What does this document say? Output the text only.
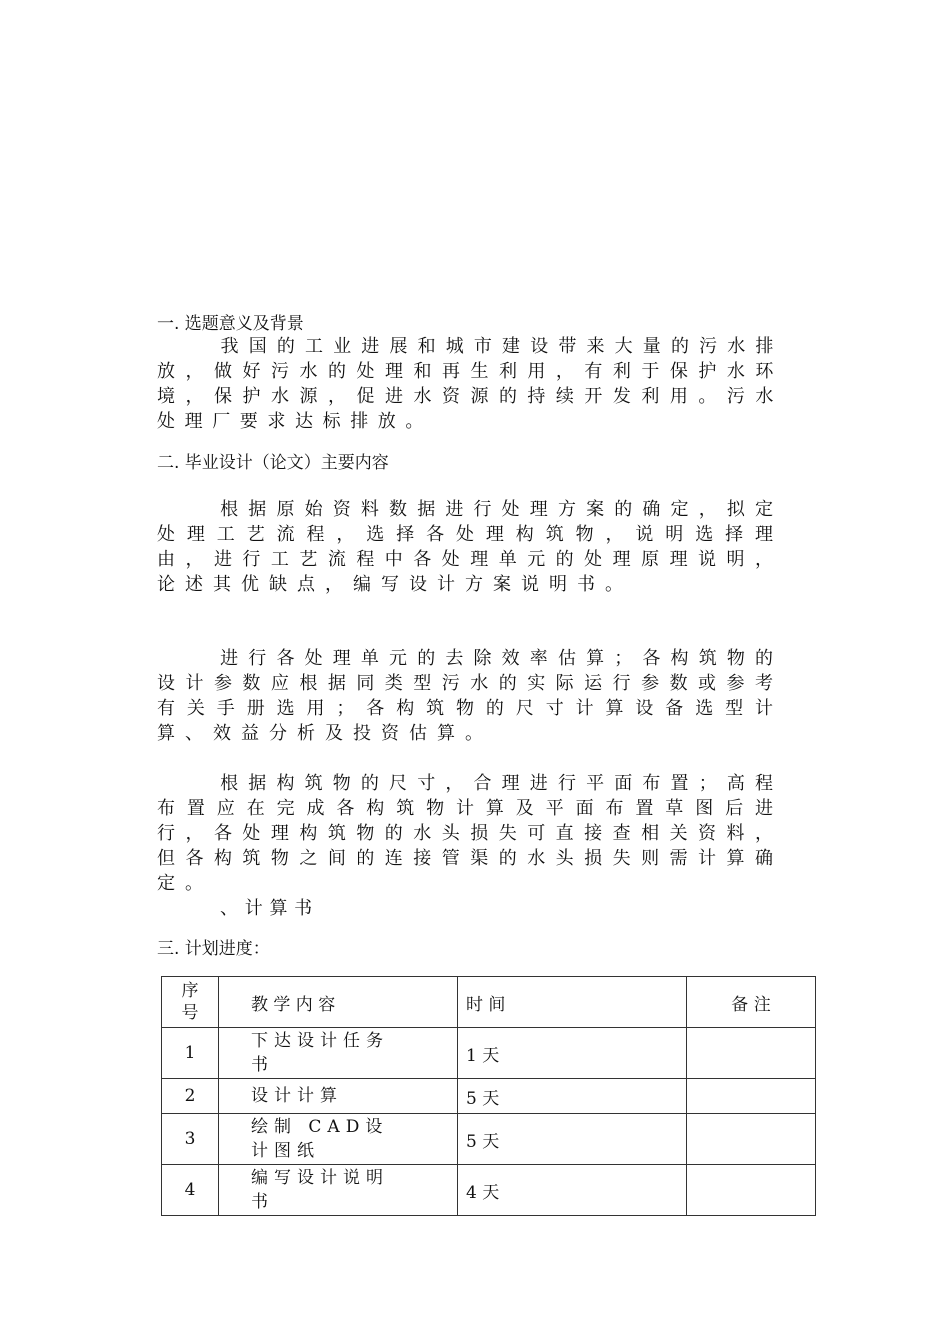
一. 选题意义及背景
我国的工业进展和城市建设带来大量的污水排放，做好污水的处理和再生利用，有利于保护水环境，保护水源，促进水资源的持续开发利用。污水处理厂要求达标排放。
二. 毕业设计（论文）主要内容
根据原始资料数据进行处理方案的确定，拟定处理工艺流程，选择各处理构筑物，说明选择理由，进行工艺流程中各处理单元的处理原理说明，论述其优缺点，编写设计方案说明书。
进行各处理单元的去除效率估算；各构筑物的设计参数应根据同类型污水的实际运行参数或参考有关手册选用；各构筑物的尺寸计算设备选型计算、效益分析及投资估算。
根据构筑物的尺寸，合理进行平面布置；高程布置应在完成各构筑物计算及平面布置草图后进行，各处理构筑物的水头损失可直接查相关资料，但各构筑物之间的连接管渠的水头损失则需计算确定。
、 计 算 书
三. 计划进度：
序号	教 学 内 容	时 间	备 注
1	下达设计任务书	1 天	
2	设计计算	5 天	
3	绘制 CAD设计图纸	5 天	
4	编写设计说明书	4 天	
